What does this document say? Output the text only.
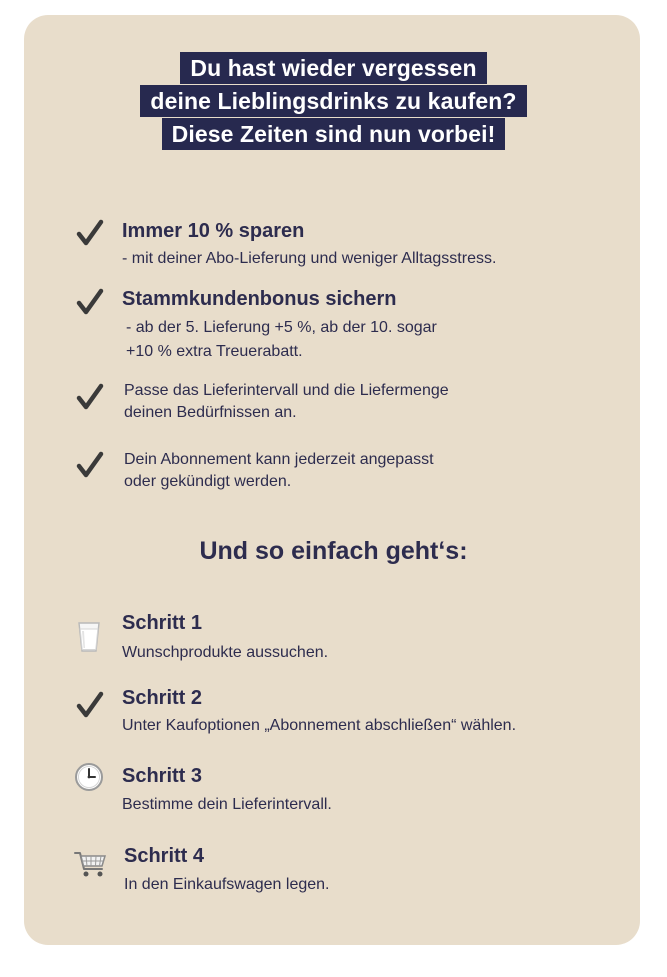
Du hast wieder vergessen
deine Lieblingsdrinks zu kaufen?
Diese Zeiten sind nun vorbei!
Immer 10 % sparen
- mit deiner Abo-Lieferung und weniger Alltagsstress.
Stammkundenbonus sichern
- ab der 5. Lieferung +5 %, ab der 10. sogar
+10 % extra Treuerabatt.
Passe das Lieferintervall und die Liefermenge
deinen Bedürfnissen an.
Dein Abonnement kann jederzeit angepasst
oder gekündigt werden.
Und so einfach geht‘s:
Schritt 1
Wunschprodukte aussuchen.
Schritt 2
Unter Kaufoptionen „Abonnement abschließen“ wählen.
Schritt 3
Bestimme dein Lieferintervall.
Schritt 4
In den Einkaufswagen legen.
